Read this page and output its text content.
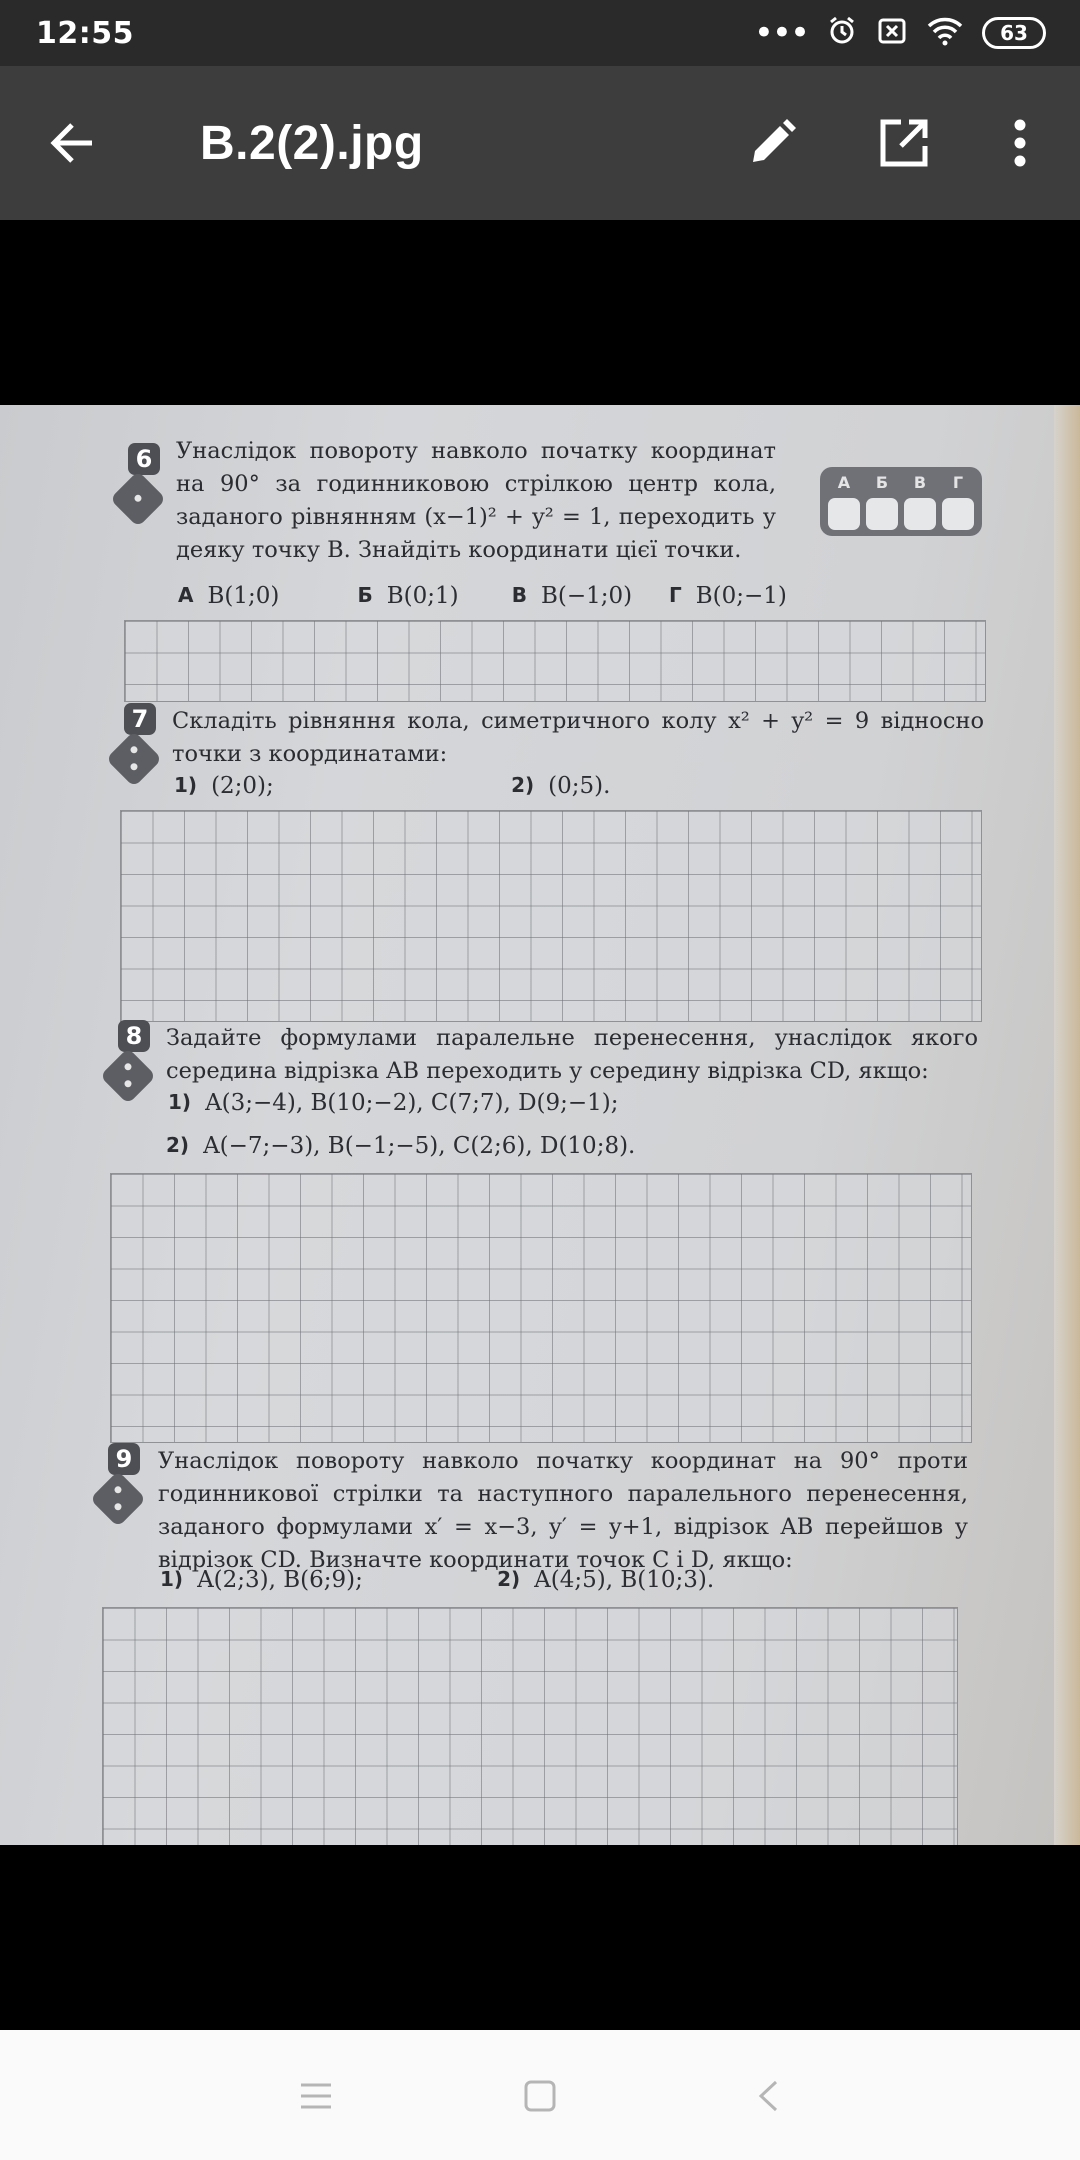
12:55	•••	63
В.2(2).jpg
6	Унаслідок повороту навколо початку координат на 90° за годинниковою стрілкою центр кола, заданого рівнянням (x−1)² + y² = 1, переходить у деяку точку B. Знайдіть координати цієї точки.
А	Б	В	Г
А B(1;0)	Б B(0;1)	В B(−1;0)	Г B(0;−1)
7	Складіть рівняння кола, симетричного колу x² + y² = 9 відносно точки з координатами:
1) (2;0);	2) (0;5).
8	Задайте формулами паралельне перенесення, унаслідок якого середина відрізка AB переходить у середину відрізка CD, якщо:
1) A(3;−4), B(10;−2), C(7;7), D(9;−1);
2) A(−7;−3), B(−1;−5), C(2;6), D(10;8).
9	Унаслідок повороту навколо початку координат на 90° проти годинникової стрілки та наступного паралельного перенесення, заданого формулами x′ = x−3, y′ = y+1, відрізок AB перейшов у відрізок CD. Визначте координати точок C і D, якщо:
1) A(2;3), B(6;9);	2) A(4;5), B(10;3).
